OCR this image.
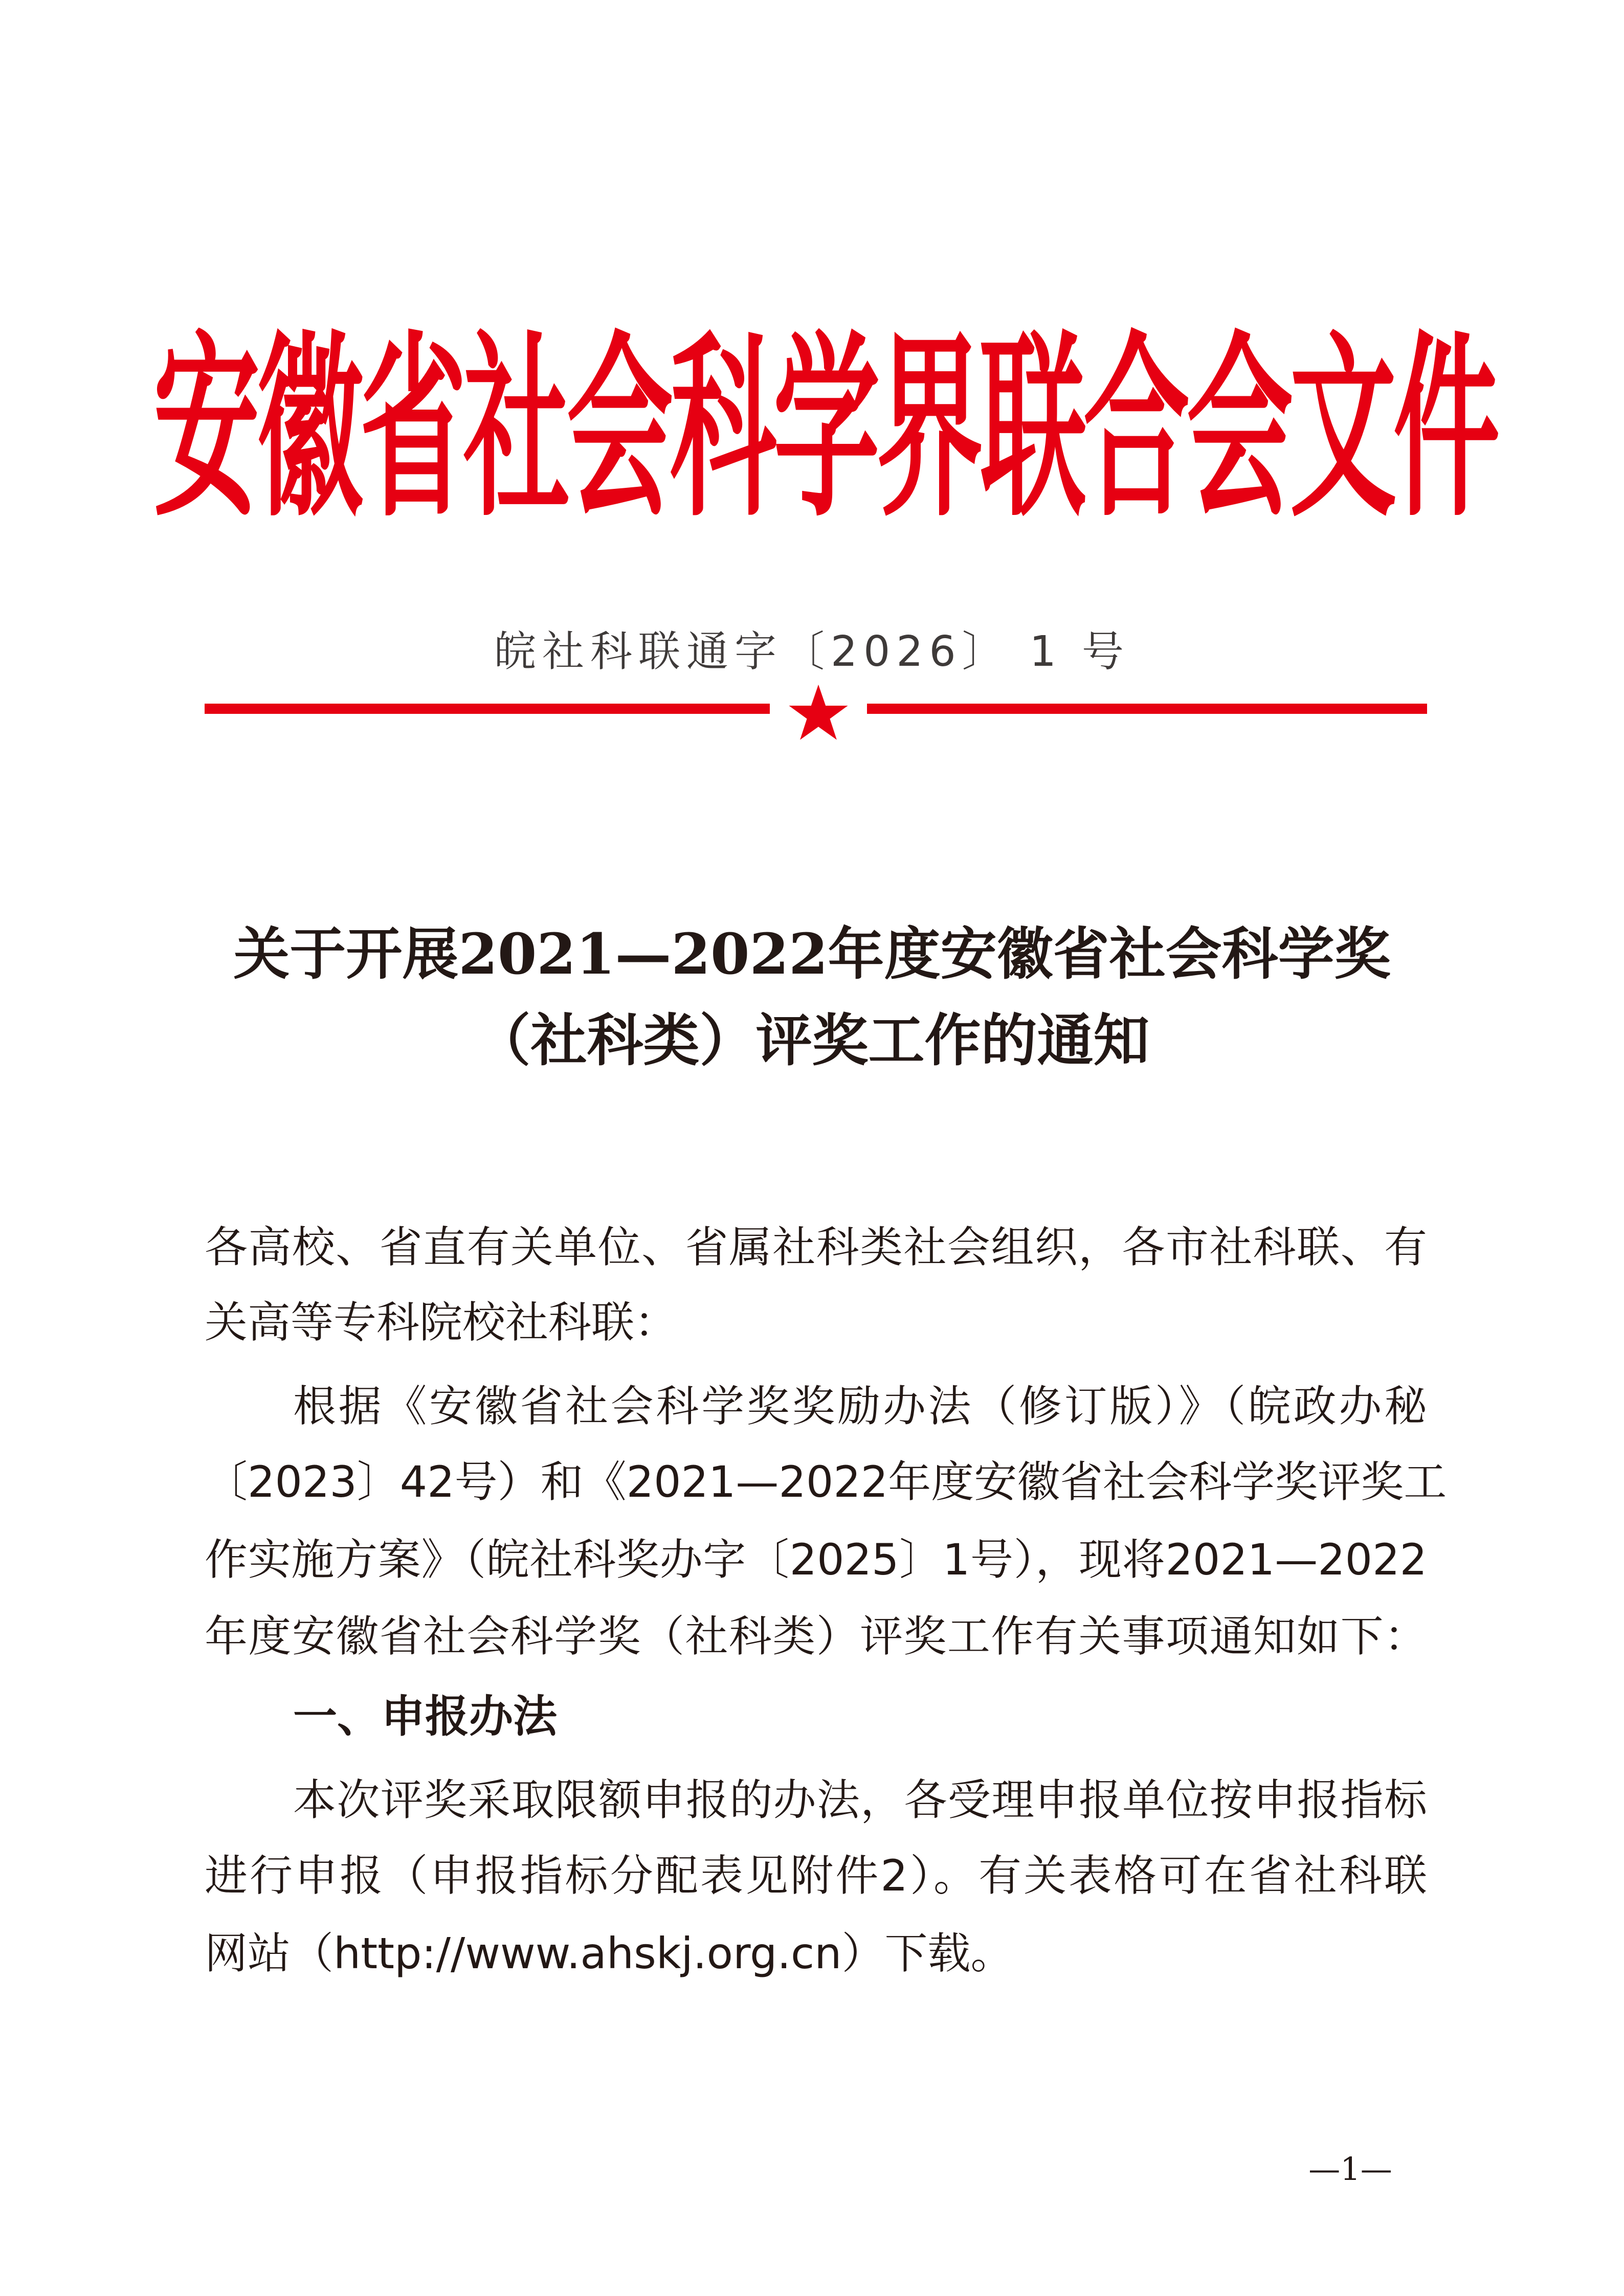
安徽省社会科学界联合会文件
皖社科联通字〔2026〕 1 号
关于开展2021—2022年度安徽省社会科学奖
（社科类）评奖工作的通知
各高校、省直有关单位、省属社科类社会组织，各市社科联、有
关高等专科院校社科联：
根据《安徽省社会科学奖奖励办法（修订版）》（皖政办秘
〔2023〕42号）和《2021—2022年度安徽省社会科学奖评奖工
作实施方案》（皖社科奖办字〔2025〕1号），现将2021—2022
年度安徽省社会科学奖（社科类）评奖工作有关事项通知如下：
一、申报办法
本次评奖采取限额申报的办法，各受理申报单位按申报指标
进行申报（申报指标分配表见附件2）。有关表格可在省社科联
网站（http://www.ahskj.org.cn）下载。
—1—
